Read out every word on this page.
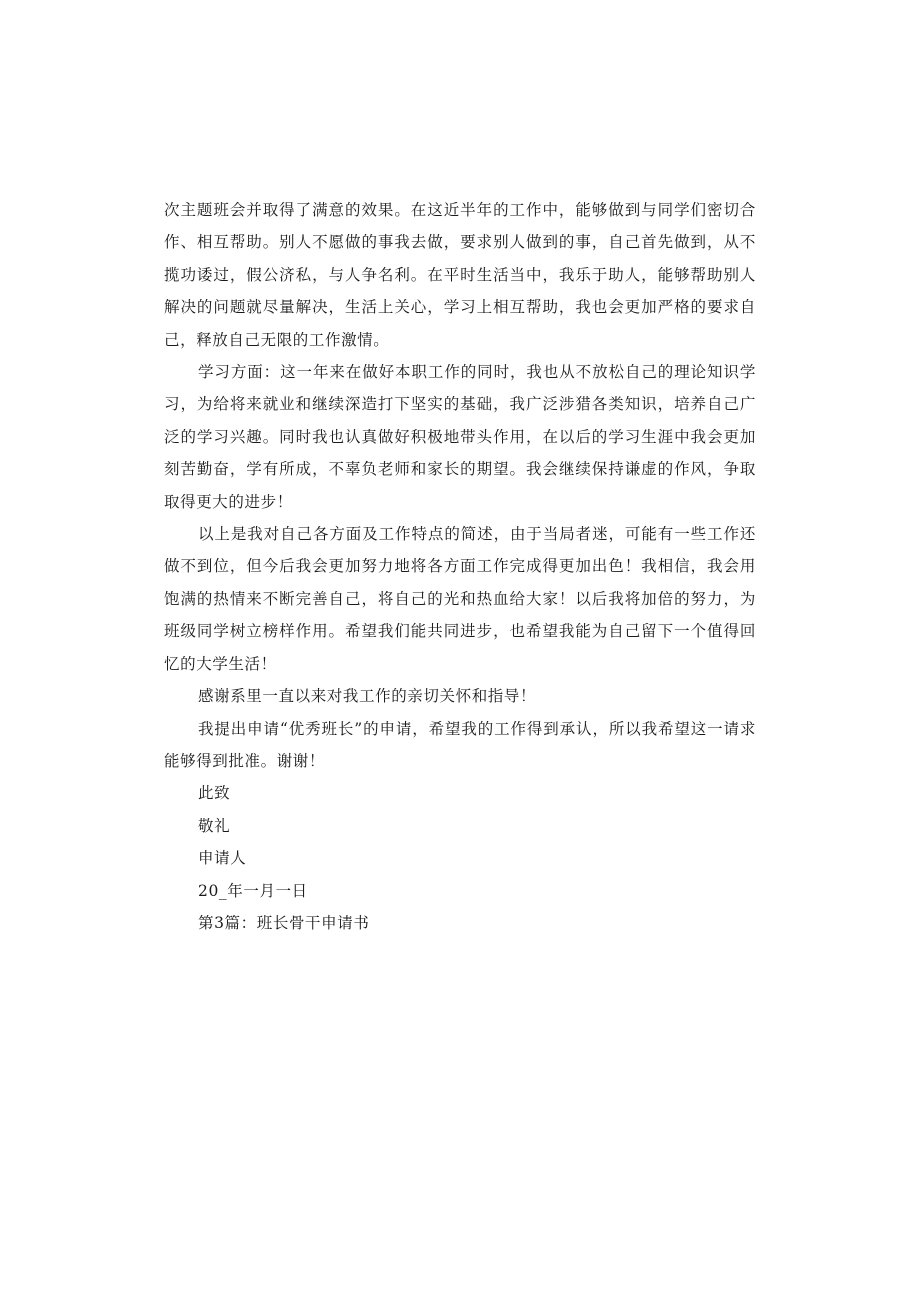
次主题班会并取得了满意的效果。在这近半年的工作中，能够做到与同学们密切合作、相互帮助。别人不愿做的事我去做，要求别人做到的事，自己首先做到，从不揽功诿过，假公济私，与人争名利。在平时生活当中，我乐于助人，能够帮助别人解决的问题就尽量解决，生活上关心，学习上相互帮助，我也会更加严格的要求自己，释放自己无限的工作激情。

学习方面：这一年来在做好本职工作的同时，我也从不放松自己的理论知识学习，为给将来就业和继续深造打下坚实的基础，我广泛涉猎各类知识，培养自己广泛的学习兴趣。同时我也认真做好积极地带头作用，在以后的学习生涯中我会更加刻苦勤奋，学有所成，不辜负老师和家长的期望。我会继续保持谦虚的作风，争取取得更大的进步！

以上是我对自己各方面及工作特点的简述，由于当局者迷，可能有一些工作还做不到位，但今后我会更加努力地将各方面工作完成得更加出色！我相信，我会用饱满的热情来不断完善自己，将自己的光和热血给大家！以后我将加倍的努力，为班级同学树立榜样作用。希望我们能共同进步，也希望我能为自己留下一个值得回忆的大学生活！

感谢系里一直以来对我工作的亲切关怀和指导！

我提出申请“优秀班长”的申请，希望我的工作得到承认，所以我希望这一请求能够得到批准。谢谢！

此致

敬礼

申请人

20_年一月一日

第3篇：班长骨干申请书
